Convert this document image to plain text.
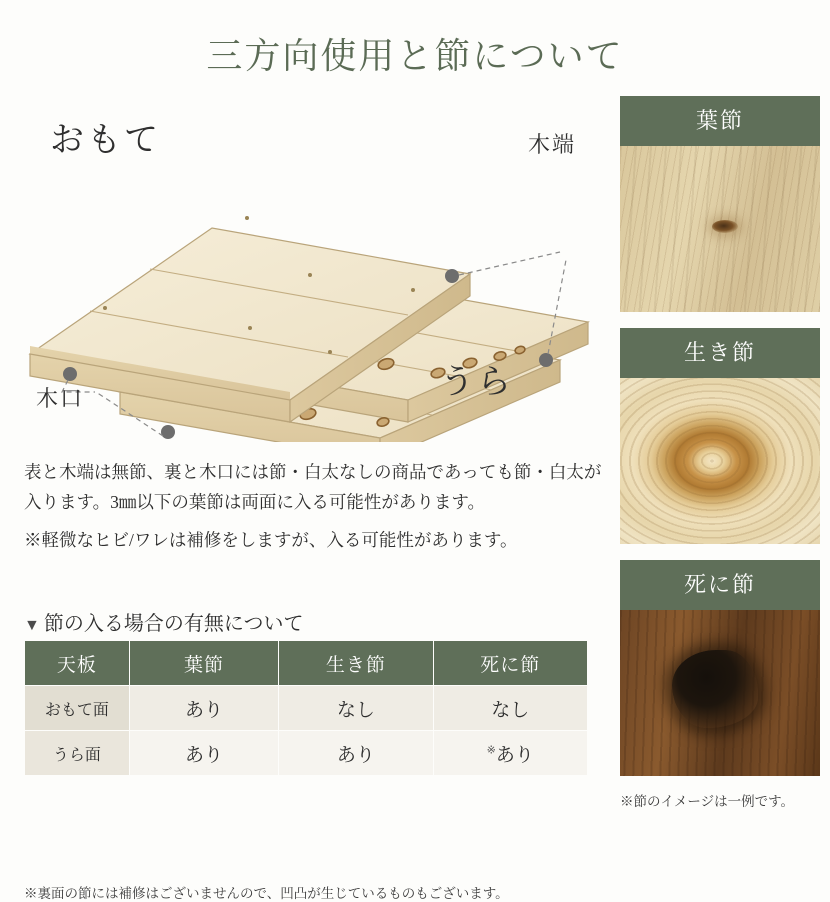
三方向使用と節について
おもて
うら
木端
木口

表と木端は無節、裏と木口には節・白太なしの商品であっても節・白太が入ります。3㎜以下の葉節は両面に入る可能性があります。

※軽微なヒビ/ワレは補修をしますが、入る可能性があります。

▼ 節の入る場合の有無について
天板	葉節	生き節	死に節
おもて面	あり	なし	なし
うら面	あり	あり	※あり
※裏面の節には補修はございませんので、凹凸が生じているものもございます。
葉節
生き節
死に節
※節のイメージは一例です。
